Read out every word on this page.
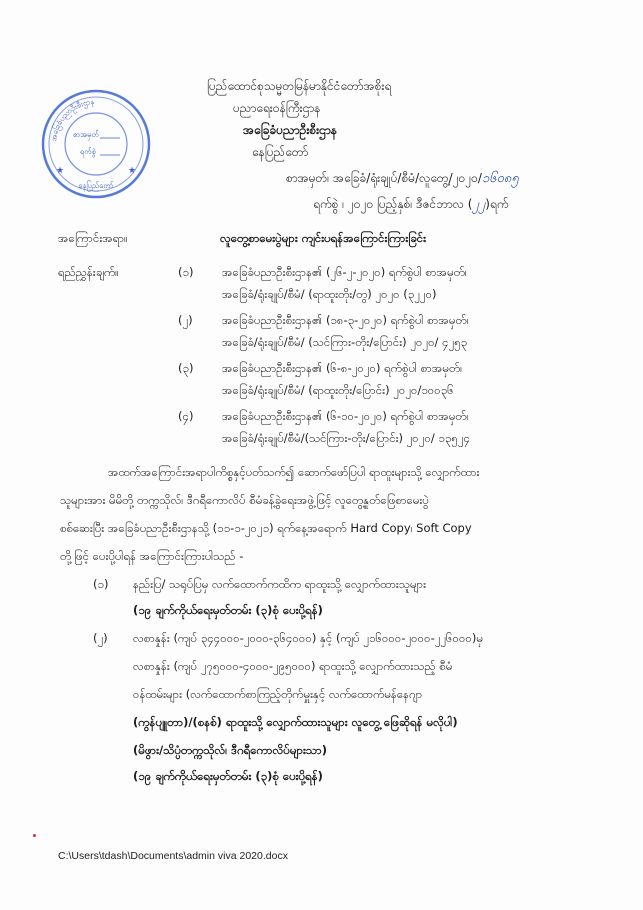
အခြေခံပညာဦးစီးဌာန
နေပြည်တော်
စာအမှတ်
ရက်စွဲ
★	★
ပြည်ထောင်စုသမ္မတမြန်မာနိုင်ငံတော်အစိုးရ
ပညာရေးဝန်ကြီးဌာန
အခြေခံပညာဦးစီးဌာန
နေပြည်တော်
စာအမှတ်၊ အခြေခံ/ရုံးချုပ်/စီမံ/လူတွေ့/၂၀၂၀/၁၆၀၈၅
ရက်စွဲ ၊ ၂၀၂၀ ပြည့်နှစ်၊ ဒီဇင်ဘာလ (၂၂)ရက်
အကြောင်းအရာ။	လူတွေ့စာမေးပွဲများ ကျင်းပရန်အကြောင်းကြားခြင်း
ရည်ညွှန်းချက်။	(၁) အခြေခံပညာဦးစီးဌာန၏ (၂၆-၂-၂၀၂၀) ရက်စွဲပါ စာအမှတ်၊
အခြေခံ/ရုံးချုပ်/စီမံ/ (ရာထူးတိုး/တွ) ၂၀၂၀ (၃၂၂၀)
(၂)	အခြေခံပညာဦးစီးဌာန၏ (၁၈-၃-၂၀၂၀) ရက်စွဲပါ စာအမှတ်၊
အခြေခံ/ရုံးချုပ်/စီမံ/ (သင်ကြား-တိုး/ပြောင်း) ၂၀၂၀/ ၄၂၅၃
(၃) အခြေခံပညာဦးစီးဌာန၏ (၆-၈-၂၀၂၀) ရက်စွဲပါ စာအမှတ်၊
အခြေခံ/ရုံးချုပ်/စီမံ/ (ရာထူးတိုး/ပြောင်း) ၂၀၂၀/၁၀၀၃၆
(၄) အခြေခံပညာဦးစီးဌာန၏ (၆-၁၀-၂၀၂၀) ရက်စွဲပါ စာအမှတ်၊
အခြေခံ/ရုံးချုပ်/စီမံ/(သင်ကြား-တိုး/ပြောင်း) ၂၀၂၀/ ၁၃၅၂၄
အထက်အကြောင်းအရာပါကိစ္စနှင့်ပတ်သက်၍ ဆောက်ဖော်ပြပါ ရာထူးများသို့ လျှောက်ထား
သူများအား မိမိတို့ တက္ကသိုလ်၊ ဒီဂရီကောလိပ် စီမံခန့်ခွဲရေးအဖွဲ့ဖြင့် လူတွေ့နှုတ်ဖြေစာမေးပွဲ
စစ်ဆေးပြီး အခြေခံပညာဦးစီးဌာနသို့ (၁၁-၁-၂၀၂၁) ရက်နေ့အရောက် Hard Copy၊ Soft Copy
တို့ဖြင့် ပေးပို့ပါရန် အကြောင်းကြားပါသည် -
(၁) နည်းပြ/ သရုပ်ပြမှ လက်ထောက်ကထိက ရာထူးသို့ လျှောက်ထားသူများ
(၁၉ ချက်ကိုယ်ရေးမှတ်တမ်း (၃)စုံ ပေးပို့ရန်)
(၂) လစာနှုန်း (ကျပ် ၃၄၄၀၀၀-၂၀၀၀-၃၆၄၀၀၀) နှင့် (ကျပ် ၂၁၆၀၀၀-၂၀၀၀-၂၂၆၀၀၀)မှ
လစာနှုန်း (ကျပ် ၂၇၅၀၀၀-၄၀၀၀-၂၉၅၀၀၀) ရာထူးသို့ လျှောက်ထားသည့် စီမံ
ဝန်ထမ်းများ (လက်ထောက်စာကြည့်တိုက်မှူးနှင့် လက်ထောက်မန်နေဂျာ
(ကွန်ပျူတာ)/(စနစ်) ရာထူးသို့ လျှောက်ထားသူများ လူတွေ့ ဖြေဆိုရန် မလိုပါ)
(မိဖွား/သိပ္ပံတက္ကသိုလ်၊ ဒီဂရီကောလိပ်များသာ)
(၁၉ ချက်ကိုယ်ရေးမှတ်တမ်း (၃)စုံ ပေးပို့ရန်)
C:\Users\tdash\Documents\admin viva 2020.docx
